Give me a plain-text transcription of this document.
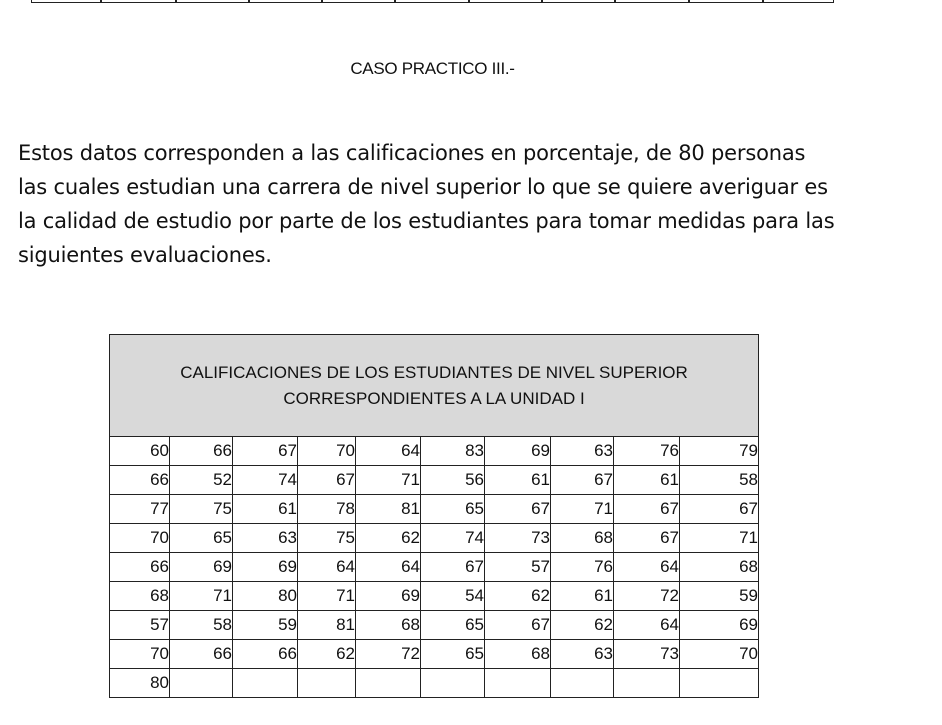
CASO PRACTICO III.-
Estos datos corresponden a las calificaciones en porcentaje, de 80 personas
las cuales estudian una carrera de nivel superior lo que se quiere averiguar es
la calidad de estudio por parte de los estudiantes para tomar medidas para las
siguientes evaluaciones.
CALIFICACIONES DE LOS ESTUDIANTES DE NIVEL SUPERIOR
CORRESPONDIENTES A LA UNIDAD I									

60	66	67	70	64	83	69	63	76	79
66	52	74	67	71	56	61	67	61	58
77	75	61	78	81	65	67	71	67	67
70	65	63	75	62	74	73	68	67	71
66	69	69	64	64	67	57	76	64	68
68	71	80	71	69	54	62	61	72	59
57	58	59	81	68	65	67	62	64	69
70	66	66	62	72	65	68	63	73	70
80									
